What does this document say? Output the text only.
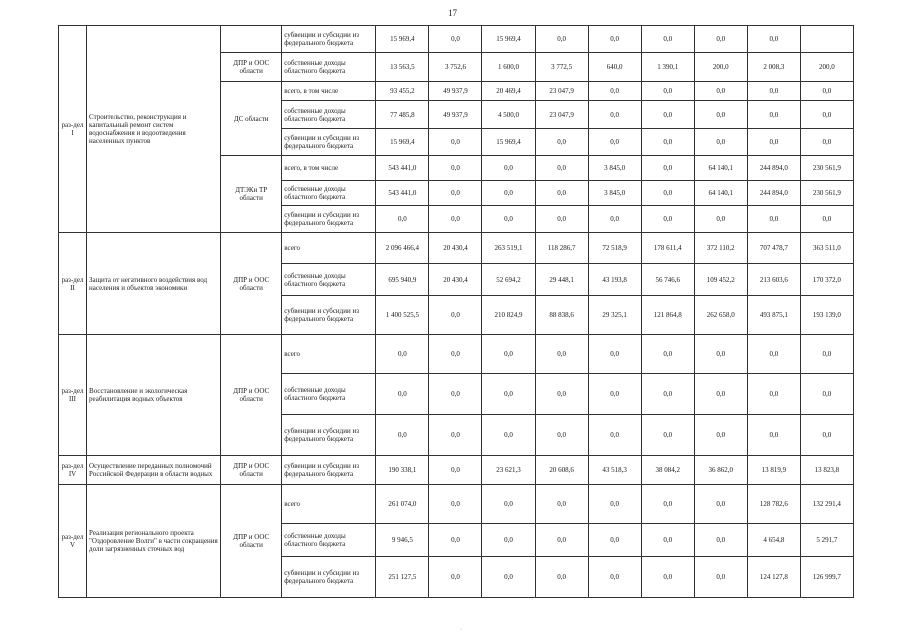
17
раз-дел I	Строительство, реконструкция и капитальный ремонт систем водоснабжения и водоотведения населенных пунктов		субвенции и субсидии из федерального бюджета	15 969,4	0,0	15 969,4	0,0	0,0	0,0	0,0	0,0	
		ДПР и ООС области	собственные доходы областного бюджета	13 563,5	3 752,6	1 600,0	3 772,5	640,0	1 390,1	200,0	2 008,3	200,0
		ДС области	всего, в том числе	93 455,2	49 937,9	20 469,4	23 047,9	0,0	0,0	0,0	0,0	0,0
			собственные доходы областного бюджета	77 485,8	49 937,9	4 500,0	23 047,9	0,0	0,0	0,0	0,0	0,0
			субвенции и субсидии из федерального бюджета	15 969,4	0,0	15 969,4	0,0	0,0	0,0	0,0	0,0	0,0
		ДТЭКи ТР области	всего, в том числе	543 441,0	0,0	0,0	0,0	3 845,0	0,0	64 140,1	244 894,0	230 561,9
			собственные доходы областного бюджета	543 441,0	0,0	0,0	0,0	3 845,0	0,0	64 140,1	244 894,0	230 561,9
			субвенции и субсидии из федерального бюджета	0,0	0,0	0,0	0,0	0,0	0,0	0,0	0,0	0,0
раз-дел II	Защита от негативного воздействия вод населения и объектов экономики	ДПР и ООС области	всего	2 096 466,4	20 430,4	263 519,1	118 286,7	72 518,9	178 611,4	372 110,2	707 478,7	363 511,0
			собственные доходы областного бюджета	695 940,9	20 430,4	52 694,2	29 448,1	43 193,8	56 746,6	109 452,2	213 603,6	170 372,0
			субвенции и субсидии из федерального бюджета	1 400 525,5	0,0	210 824,9	88 838,6	29 325,1	121 864,8	262 658,0	493 875,1	193 139,0
раз-дел III	Восстановление и экологическая реабилитация водных объектов	ДПР и ООС области	всего	0,0	0,0	0,0	0,0	0,0	0,0	0,0	0,0	0,0
			собственные доходы областного бюджета	0,0	0,0	0,0	0,0	0,0	0,0	0,0	0,0	0,0
			субвенции и субсидии из федерального бюджета	0,0	0,0	0,0	0,0	0,0	0,0	0,0	0,0	0,0
раз-дел IV	Осуществление переданных полномочий Российской Федерации в области водных	ДПР и ООС области	субвенции и субсидии из федерального бюджета	190 338,1	0,0	23 621,3	20 608,6	43 518,3	38 084,2	36 862,0	13 819,9	13 823,8
раз-дел V	Реализация регионального проекта "Оздоровление Волги" в части сокращения доли загрязненных сточных вод	ДПР и ООС области	всего	261 074,0	0,0	0,0	0,0	0,0	0,0	0,0	128 782,6	132 291,4
			собственные доходы областного бюджета	9 946,5	0,0	0,0	0,0	0,0	0,0	0,0	4 654,8	5 291,7
			субвенции и субсидии из федерального бюджета	251 127,5	0,0	0,0	0,0	0,0	0,0	0,0	124 127,8	126 999,7
·
